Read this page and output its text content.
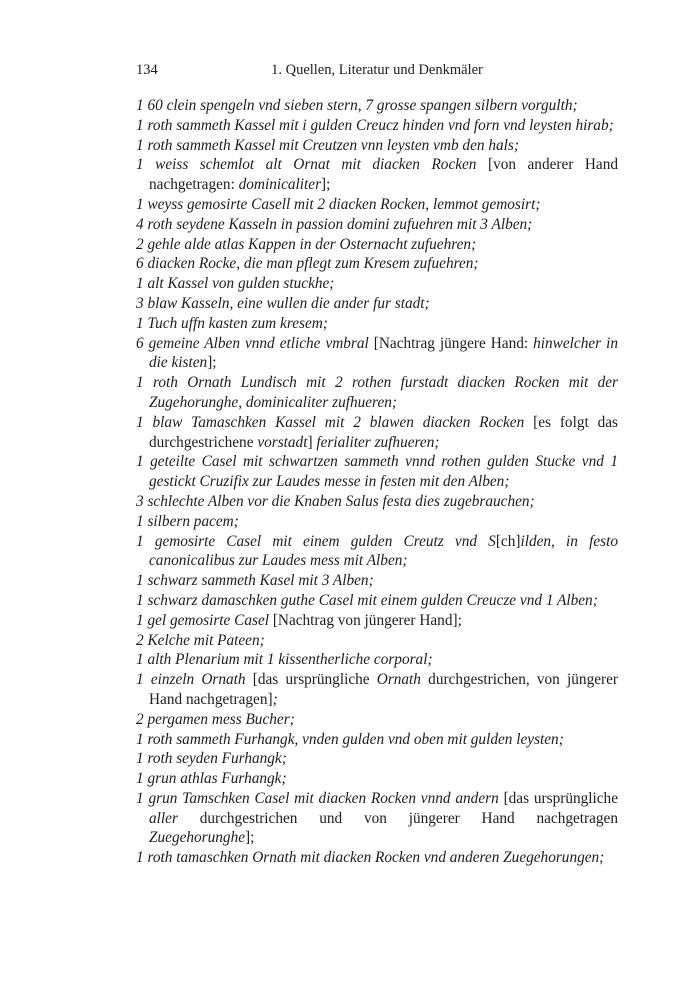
134	1. Quellen, Literatur und Denkmäler
1 60 clein spengeln vnd sieben stern, 7 grosse spangen silbern vorgulth;
1 roth sammeth Kassel mit i gulden Creucz hinden vnd forn vnd leysten hirab;
1 roth sammeth Kassel mit Creutzen vnn leysten vmb den hals;
1 weiss schemlot alt Ornat mit diacken Rocken [von anderer Hand nachgetragen: dominicaliter];
1 weyss gemosirte Casell mit 2 diacken Rocken, lemmot gemosirt;
4 roth seydene Kasseln in passion domini zufuehren mit 3 Alben;
2 gehle alde atlas Kappen in der Osternacht zufuehren;
6 diacken Rocke, die man pflegt zum Kresem zufuehren;
1 alt Kassel von gulden stuckhe;
3 blaw Kasseln, eine wullen die ander fur stadt;
1 Tuch uffn kasten zum kresem;
6 gemeine Alben vnnd etliche vmbral [Nachtrag jüngere Hand: hinwelcher in die kisten];
1 roth Ornath Lundisch mit 2 rothen furstadt diacken Rocken mit der Zugehorunghe, dominicaliter zufhueren;
1 blaw Tamaschken Kassel mit 2 blawen diacken Rocken [es folgt das durchgestrichene vorstadt] ferialiter zufhueren;
1 geteilte Casel mit schwartzen sammeth vnnd rothen gulden Stucke vnd 1 gestickt Cruzifix zur Laudes messe in festen mit den Alben;
3 schlechte Alben vor die Knaben Salus festa dies zugebrauchen;
1 silbern pacem;
1 gemosirte Casel mit einem gulden Creutz vnd S[ch]ilden, in festo canonicalibus zur Laudes mess mit Alben;
1 schwarz sammeth Kasel mit 3 Alben;
1 schwarz damaschken guthe Casel mit einem gulden Creucze vnd 1 Alben;
1 gel gemosirte Casel [Nachtrag von jüngerer Hand];
2 Kelche mit Pateen;
1 alth Plenarium mit 1 kissentherliche corporal;
1 einzeln Ornath [das ursprüngliche Ornath durchgestrichen, von jüngerer Hand nachgetragen];
2 pergamen mess Bucher;
1 roth sammeth Furhangk, vnden gulden vnd oben mit gulden leysten;
1 roth seyden Furhangk;
1 grun athlas Furhangk;
1 grun Tamschken Casel mit diacken Rocken vnnd andern [das ursprüngliche aller durchgestrichen und von jüngerer Hand nachgetragen Zuegehorunghe];
1 roth tamaschken Ornath mit diacken Rocken vnd anderen Zuegehorungen;
